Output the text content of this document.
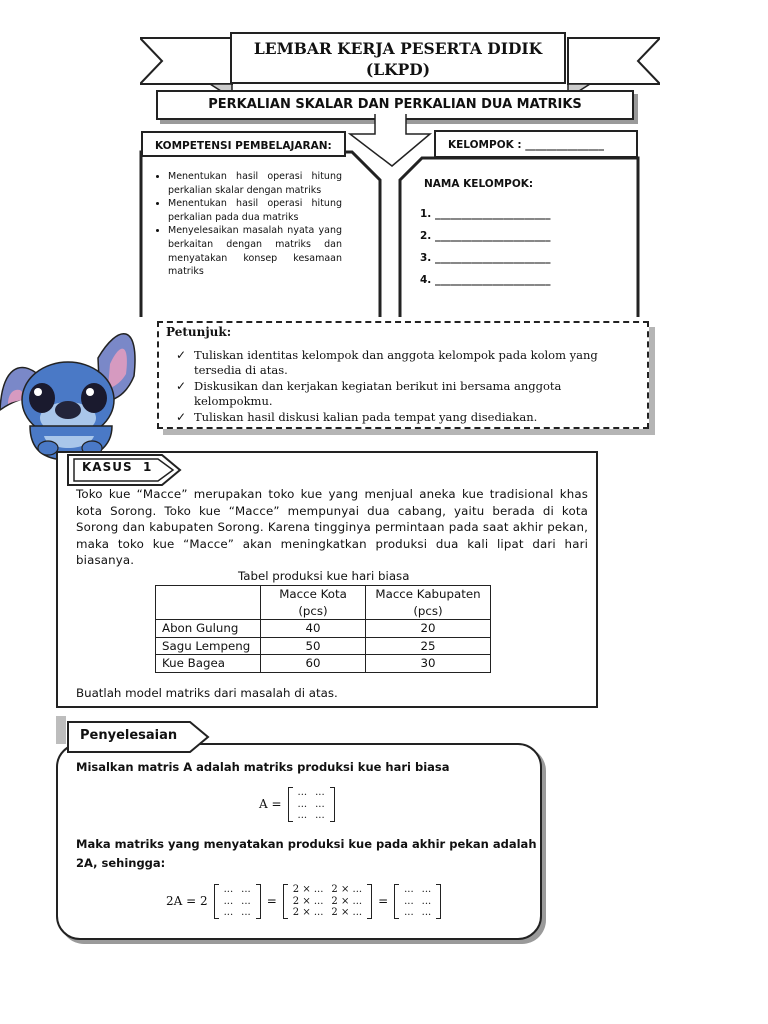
LEMBAR KERJA PESERTA DIDIK
(LKPD)
PERKALIAN SKALAR DAN PERKALIAN DUA MATRIKS
KOMPETENSI PEMBELAJARAN:	KELOMPOK : _______________
• Menentukan hasil operasi hitung perkalian skalar dengan matriks
• Menentukan hasil operasi hitung perkalian pada dua matriks
• Menyelesaikan masalah nyata yang berkaitan dengan matriks dan menyatakan konsep kesamaan matriks
NAMA KELOMPOK:
1. ______________________
2. ______________________
3. ______________________
4. ______________________
Petunjuk:
✓ Tuliskan identitas kelompok dan anggota kelompok pada kolom yang tersedia di atas.
✓ Diskusikan dan kerjakan kegiatan berikut ini bersama anggota kelompokmu.
✓ Tuliskan hasil diskusi kalian pada tempat yang disediakan.
KASUS  1
Toko kue “Macce” merupakan toko kue yang menjual aneka kue tradisional khas kota Sorong. Toko kue “Macce” mempunyai dua cabang, yaitu berada di kota Sorong dan kabupaten Sorong. Karena tingginya permintaan pada saat akhir pekan, maka toko kue “Macce” akan meningkatkan produksi dua kali lipat dari hari biasanya.
Tabel produksi kue hari biasa
	Macce Kota (pcs)	Macce Kabupaten (pcs)
Abon Gulung	40	20
Sagu Lempeng	50	25
Kue Bagea	60	30
Buatlah model matriks dari masalah di atas.
Penyelesaian
Misalkan matris A adalah matriks produksi kue hari biasa
A =
...	...
...	...
...	...
Maka matriks yang menyatakan produksi kue pada akhir pekan adalah
2A, sehingga:
2A = 2
...	...
...	...
...	...
=
2 × ...	2 × ...
2 × ...	2 × ...
2 × ...	2 × ...
=
...	...
...	...
...	...
